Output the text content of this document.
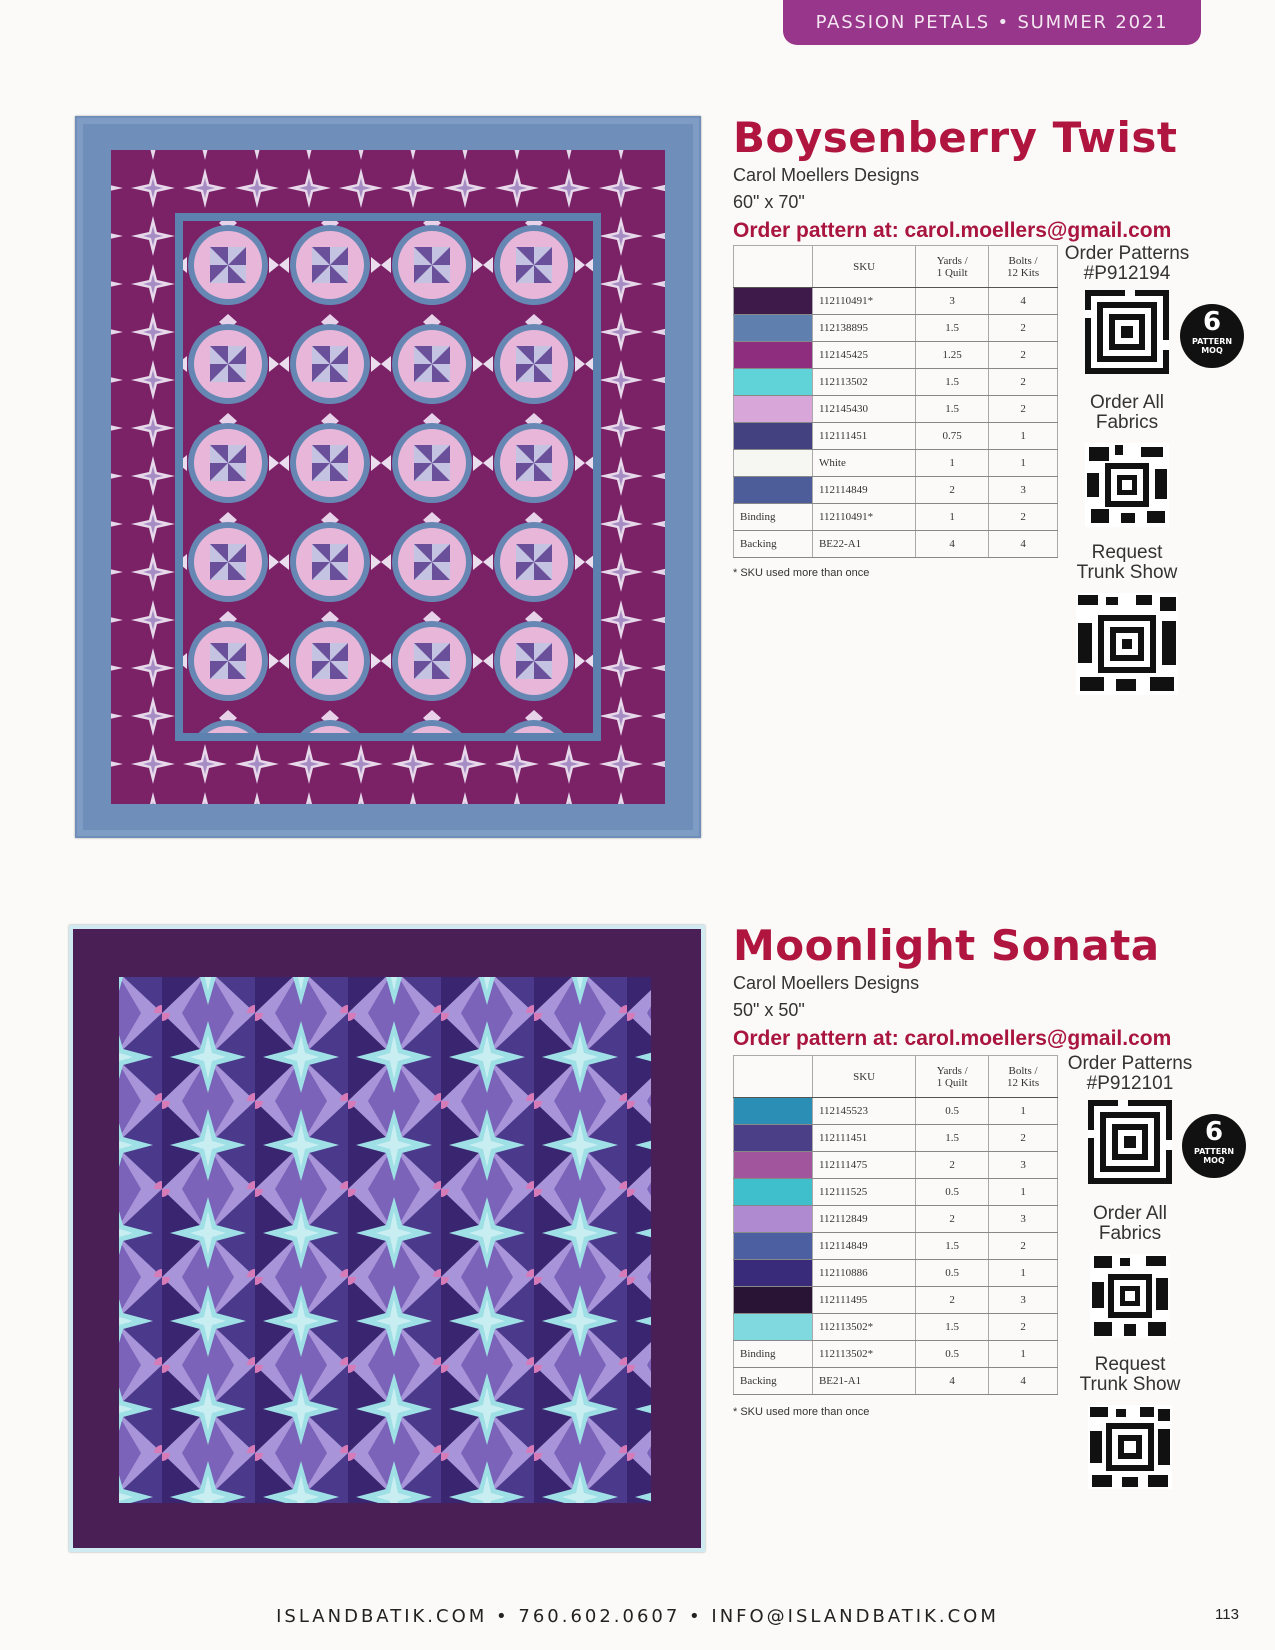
PASSION PETALS • SUMMER 2021
Boysenberry Twist
Carol Moellers Designs
60" x 70"
Order pattern at: carol.moellers@gmail.com
	SKU	Yards /
1 Quilt	Bolts /
12 Kits

	112110491*	3	4

	112138895	1.5	2

	112145425	1.25	2

	112113502	1.5	2

	112145430	1.5	2

	112111451	0.75	1

	White	1	1

	112114849	2	3
Binding	112110491*	1	2
Backing	BE22-A1	4	4
* SKU used more than once
Order Patterns
#P912194
6
PATTERN
MOQ
Order All Fabrics
Request Trunk Show
Moonlight Sonata
Carol Moellers Designs
50" x 50"
Order pattern at: carol.moellers@gmail.com
	SKU	Yards /
1 Quilt	Bolts /
12 Kits

	112145523	0.5	1

	112111451	1.5	2

	112111475	2	3

	112111525	0.5	1

	112112849	2	3

	112114849	1.5	2

	112110886	0.5	1

	112111495	2	3

	112113502*	1.5	2
Binding	112113502*	0.5	1
Backing	BE21-A1	4	4
* SKU used more than once
Order Patterns
#P912101
6
PATTERN
MOQ
Order All Fabrics
Request Trunk Show
ISLANDBATIK.COM • 760.602.0607 • INFO@ISLANDBATIK.COM	113
